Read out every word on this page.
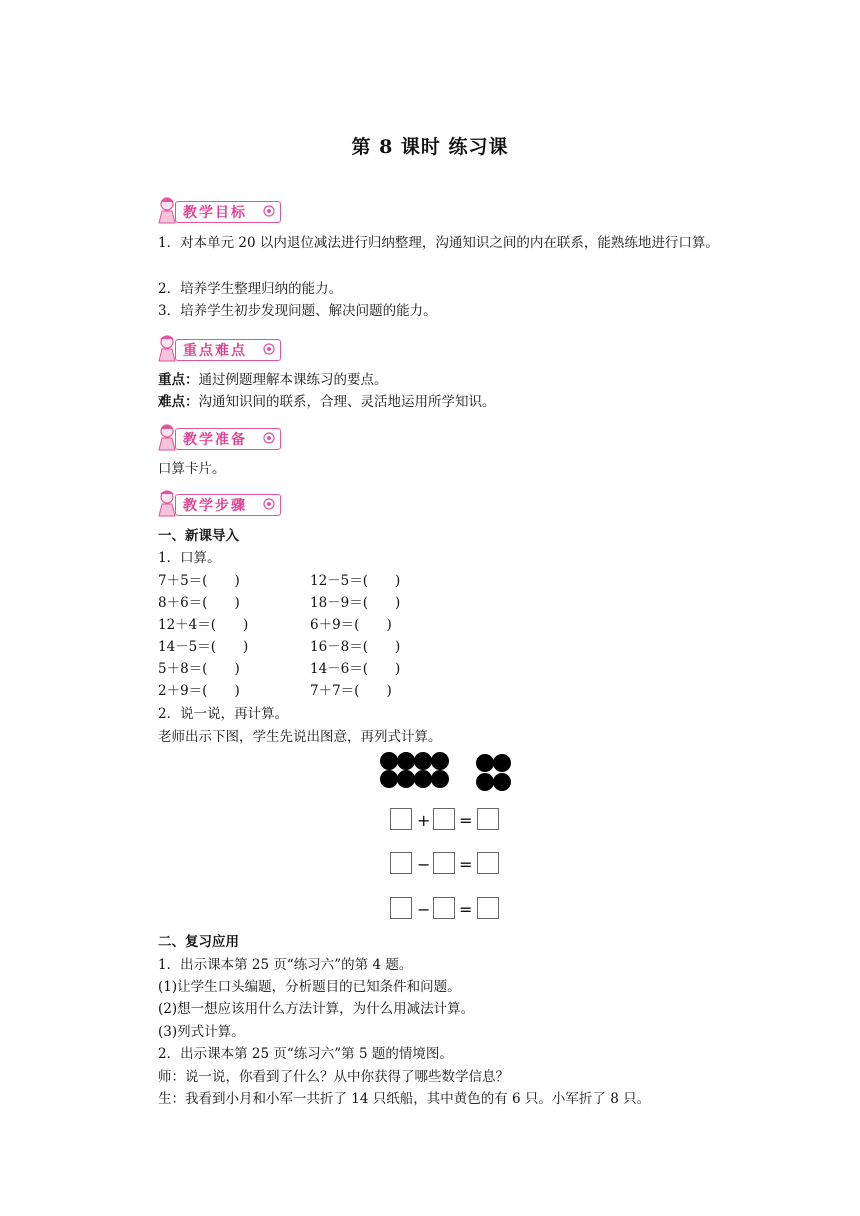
第 8 课时 练习课
教学目标
1．对本单元 20 以内退位减法进行归纳整理，沟通知识之间的内在联系，能熟练地进行口算。
2．培养学生整理归纳的能力。
3．培养学生初步发现问题、解决问题的能力。
重点难点
重点：通过例题理解本课练习的要点。
难点：沟通知识间的联系，合理、灵活地运用所学知识。
教学准备
口算卡片。
教学步骤
一、新课导入
1．口算。
7＋5＝(　　)
8＋6＝(　　)
12＋4＝(　　)
14－5＝(　　)
5＋8＝(　　)
2＋9＝(　　)
12－5＝(　　)
18－9＝(　　)
6＋9＝(　　)
16－8＝(　　)
14－6＝(　　)
7＋7＝(　　)
2．说一说，再计算。
老师出示下图，学生先说出图意，再列式计算。
+ =
− =
− =
二、复习应用
1．出示课本第 25 页“练习六”的第 4 题。
(1)让学生口头编题，分析题目的已知条件和问题。
(2)想一想应该用什么方法计算，为什么用减法计算。
(3)列式计算。
2．出示课本第 25 页“练习六”第 5 题的情境图。
师：说一说，你看到了什么？从中你获得了哪些数学信息？
生：我看到小月和小军一共折了 14 只纸船，其中黄色的有 6 只。小军折了 8 只。
